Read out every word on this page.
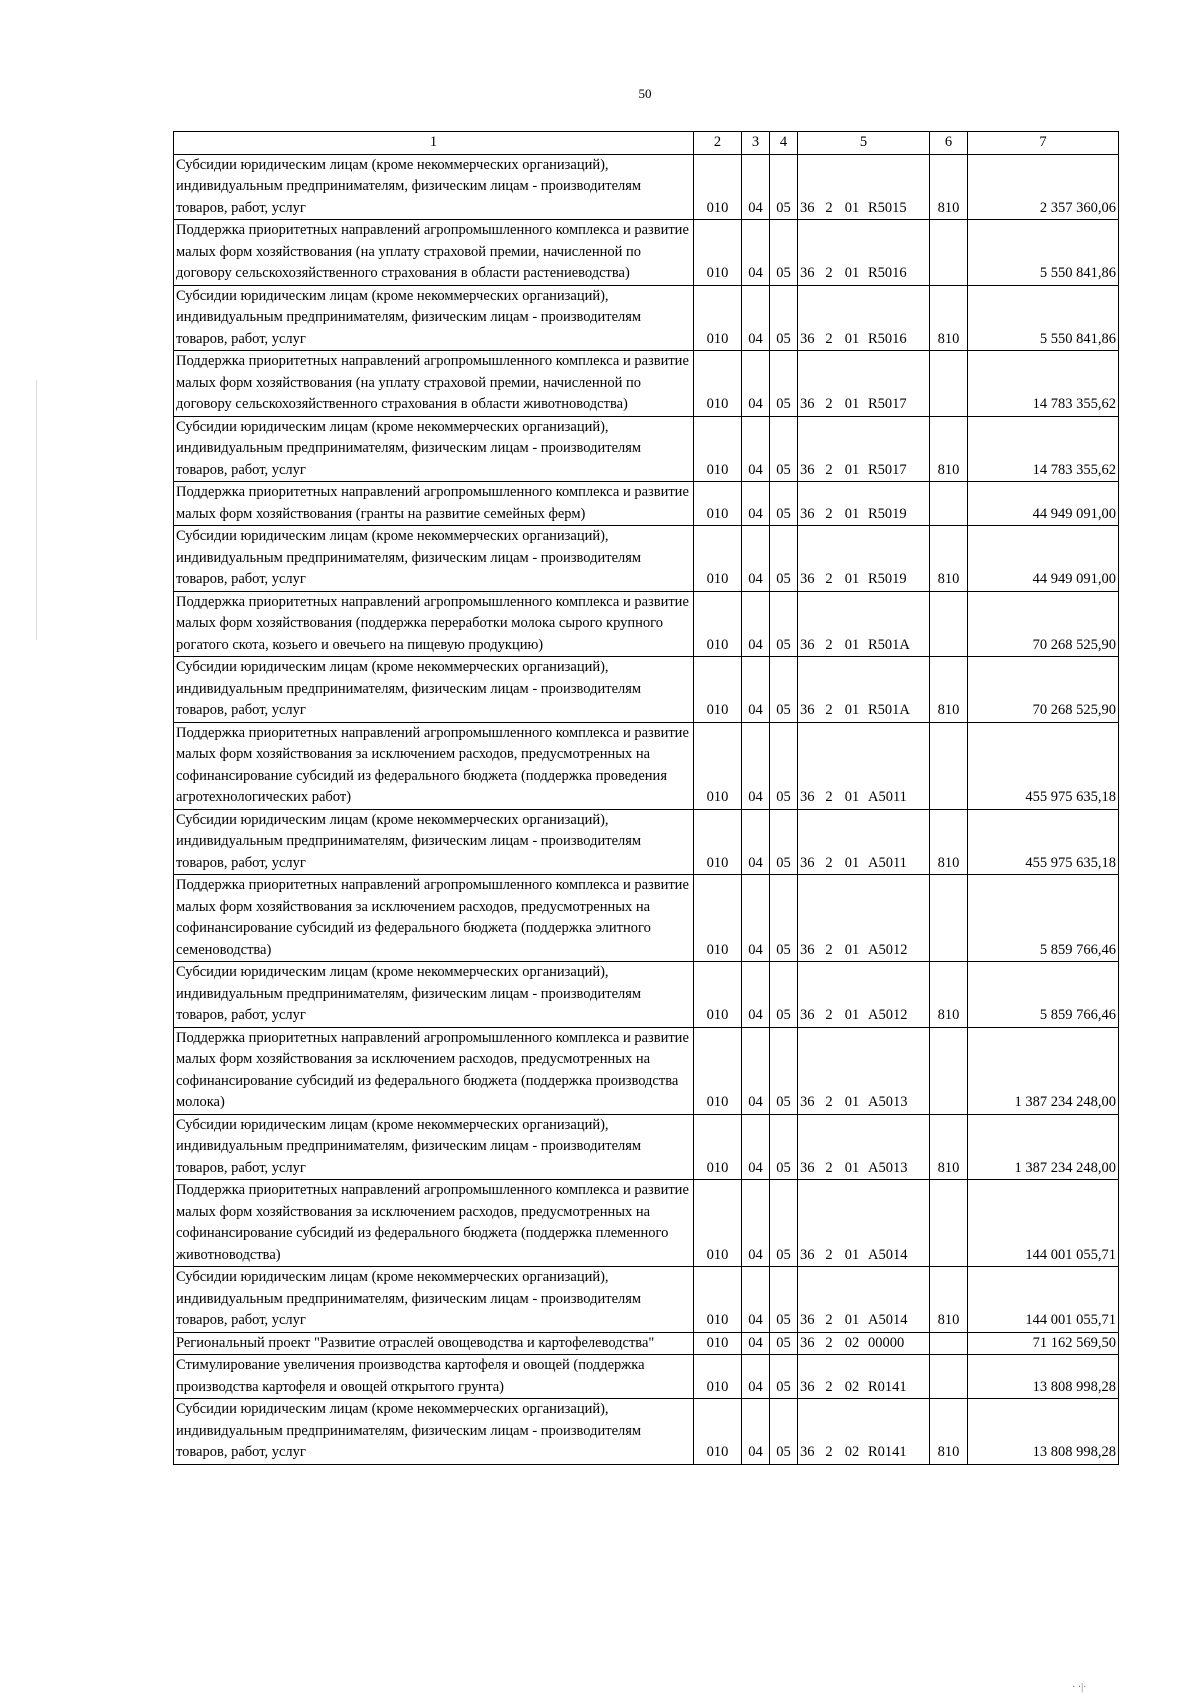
50
1	2	3	4	5	6	7
Субсидии юридическим лицам (кроме некоммерческих организаций), индивидуальным предпринимателям, физическим лицам - производителям товаров, работ, услуг	010	04	05	36 2 01 R5015	810	2 357 360,06
Поддержка приоритетных направлений агропромышленного комплекса и развитие малых форм хозяйствования (на уплату страховой премии, начисленной по договору сельскохозяйственного страхования в области растениеводства)	010	04	05	36 2 01 R5016		5 550 841,86
Субсидии юридическим лицам (кроме некоммерческих организаций), индивидуальным предпринимателям, физическим лицам - производителям товаров, работ, услуг	010	04	05	36 2 01 R5016	810	5 550 841,86
Поддержка приоритетных направлений агропромышленного комплекса и развитие малых форм хозяйствования (на уплату страховой премии, начисленной по договору сельскохозяйственного страхования в области животноводства)	010	04	05	36 2 01 R5017		14 783 355,62
Субсидии юридическим лицам (кроме некоммерческих организаций), индивидуальным предпринимателям, физическим лицам - производителям товаров, работ, услуг	010	04	05	36 2 01 R5017	810	14 783 355,62
Поддержка приоритетных направлений агропромышленного комплекса и развитие малых форм хозяйствования (гранты на развитие семейных ферм)	010	04	05	36 2 01 R5019		44 949 091,00
Субсидии юридическим лицам (кроме некоммерческих организаций), индивидуальным предпринимателям, физическим лицам - производителям товаров, работ, услуг	010	04	05	36 2 01 R5019	810	44 949 091,00
Поддержка приоритетных направлений агропромышленного комплекса и развитие малых форм хозяйствования (поддержка переработки молока сырого крупного рогатого скота, козьего и овечьего на пищевую продукцию)	010	04	05	36 2 01 R501A		70 268 525,90
Субсидии юридическим лицам (кроме некоммерческих организаций), индивидуальным предпринимателям, физическим лицам - производителям товаров, работ, услуг	010	04	05	36 2 01 R501A	810	70 268 525,90
Поддержка приоритетных направлений агропромышленного комплекса и развитие малых форм хозяйствования за исключением расходов, предусмотренных на софинансирование субсидий из федерального бюджета (поддержка проведения агротехнологических работ)	010	04	05	36 2 01 A5011		455 975 635,18
Субсидии юридическим лицам (кроме некоммерческих организаций), индивидуальным предпринимателям, физическим лицам - производителям товаров, работ, услуг	010	04	05	36 2 01 A5011	810	455 975 635,18
Поддержка приоритетных направлений агропромышленного комплекса и развитие малых форм хозяйствования за исключением расходов, предусмотренных на софинансирование субсидий из федерального бюджета (поддержка элитного семеноводства)	010	04	05	36 2 01 A5012		5 859 766,46
Субсидии юридическим лицам (кроме некоммерческих организаций), индивидуальным предпринимателям, физическим лицам - производителям товаров, работ, услуг	010	04	05	36 2 01 A5012	810	5 859 766,46
Поддержка приоритетных направлений агропромышленного комплекса и развитие малых форм хозяйствования за исключением расходов, предусмотренных на софинансирование субсидий из федерального бюджета (поддержка производства молока)	010	04	05	36 2 01 A5013		1 387 234 248,00
Субсидии юридическим лицам (кроме некоммерческих организаций), индивидуальным предпринимателям, физическим лицам - производителям товаров, работ, услуг	010	04	05	36 2 01 A5013	810	1 387 234 248,00
Поддержка приоритетных направлений агропромышленного комплекса и развитие малых форм хозяйствования за исключением расходов, предусмотренных на софинансирование субсидий из федерального бюджета (поддержка племенного животноводства)	010	04	05	36 2 01 A5014		144 001 055,71
Субсидии юридическим лицам (кроме некоммерческих организаций), индивидуальным предпринимателям, физическим лицам - производителям товаров, работ, услуг	010	04	05	36 2 01 A5014	810	144 001 055,71
Региональный проект "Развитие отраслей овощеводства и картофелеводства"	010	04	05	36 2 02 00000		71 162 569,50
Стимулирование увеличения производства картофеля и овощей (поддержка производства картофеля и овощей открытого грунта)	010	04	05	36 2 02 R0141		13 808 998,28
Субсидии юридическим лицам (кроме некоммерческих организаций), индивидуальным предпринимателям, физическим лицам - производителям товаров, работ, услуг	010	04	05	36 2 02 R0141	810	13 808 998,28
· ·|·
